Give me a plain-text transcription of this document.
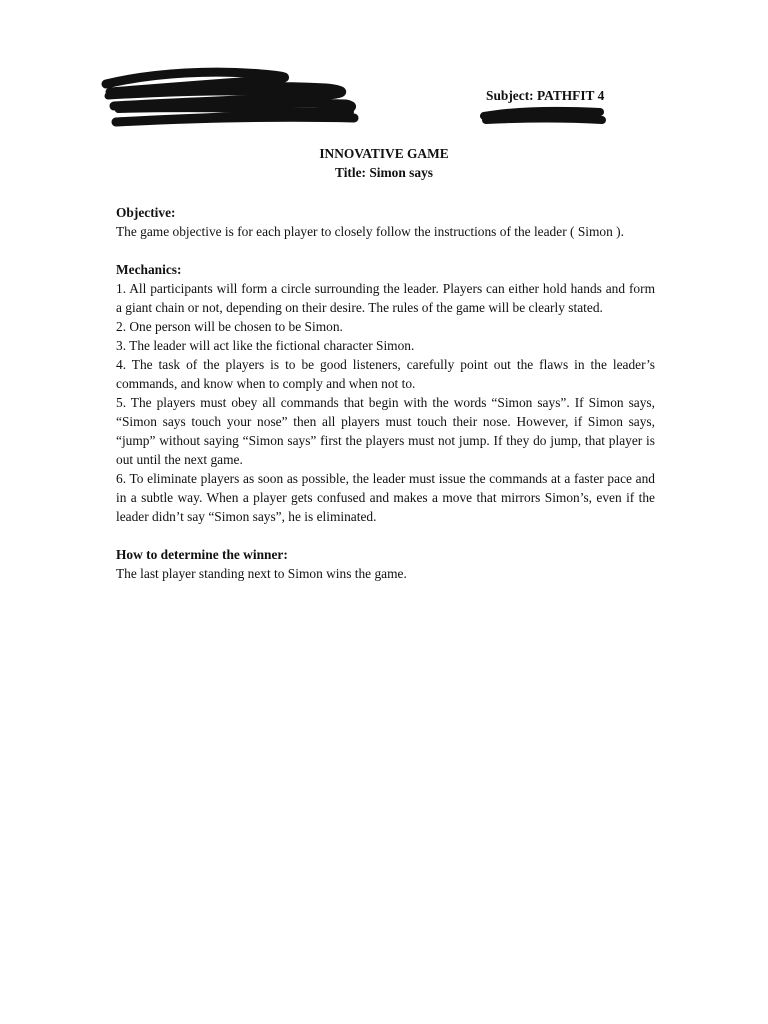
Subject: PATHFIT 4
INNOVATIVE GAME
Title: Simon says

Objective:

The game objective is for each player to closely follow the instructions of the leader ( Simon ).

Mechanics:

1. All participants will form a circle surrounding the leader. Players can either hold hands and form a giant chain or not, depending on their desire. The rules of the game will be clearly stated.

2. One person will be chosen to be Simon.

3. The leader will act like the fictional character Simon.

4. The task of the players is to be good listeners, carefully point out the flaws in the leader’s commands, and know when to comply and when not to.

5. The players must obey all commands that begin with the words “Simon says”. If Simon says, “Simon says touch your nose” then all players must touch their nose. However, if Simon says, “jump” without saying “Simon says” first the players must not jump. If they do jump, that player is out until the next game.

6. To eliminate players as soon as possible, the leader must issue the commands at a faster pace and in a subtle way. When a player gets confused and makes a move that mirrors Simon’s, even if the leader didn’t say “Simon says”, he is eliminated.

How to determine the winner:

The last player standing next to Simon wins the game.
